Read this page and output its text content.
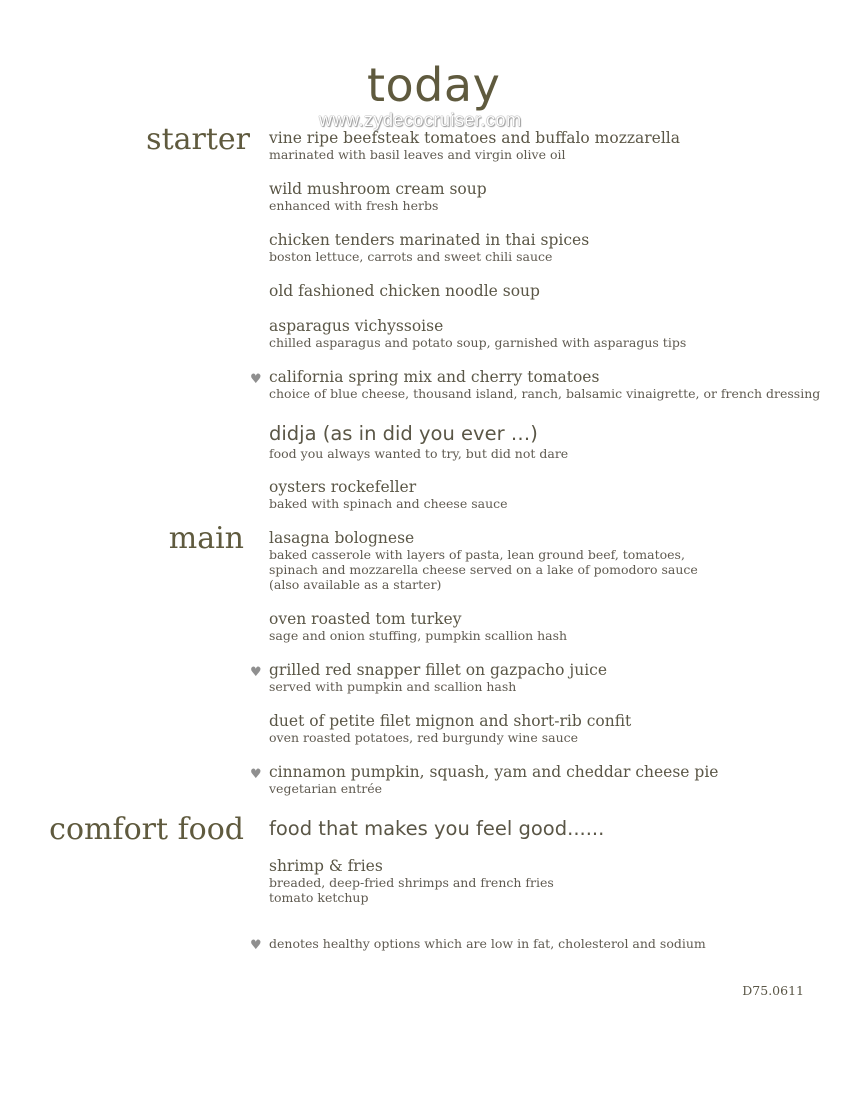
today
www.zydecocruiser.com
starter
main
comfort food
vine ripe beefsteak tomatoes and buffalo mozzarella
marinated with basil leaves and virgin olive oil
wild mushroom cream soup
enhanced with fresh herbs
chicken tenders marinated in thai spices
boston lettuce, carrots and sweet chili sauce
old fashioned chicken noodle soup
asparagus vichyssoise
chilled asparagus and potato soup, garnished with asparagus tips
♥ california spring mix and cherry tomatoes
choice of blue cheese, thousand island, ranch, balsamic vinaigrette, or french dressing
didja (as in did you ever …)
food you always wanted to try, but did not dare
oysters rockefeller
baked with spinach and cheese sauce
lasagna bolognese
baked casserole with layers of pasta, lean ground beef, tomatoes,
spinach and mozzarella cheese served on a lake of pomodoro sauce
(also available as a starter)
oven roasted tom turkey
sage and onion stuffing, pumpkin scallion hash
♥ grilled red snapper fillet on gazpacho juice
served with pumpkin and scallion hash
duet of petite filet mignon and short-rib confit
oven roasted potatoes, red burgundy wine sauce
♥ cinnamon pumpkin, squash, yam and cheddar cheese pie
vegetarian entrée
food that makes you feel good......
shrimp & fries
breaded, deep-fried shrimps and french fries
tomato ketchup
♥ denotes healthy options which are low in fat, cholesterol and sodium
D75.0611
